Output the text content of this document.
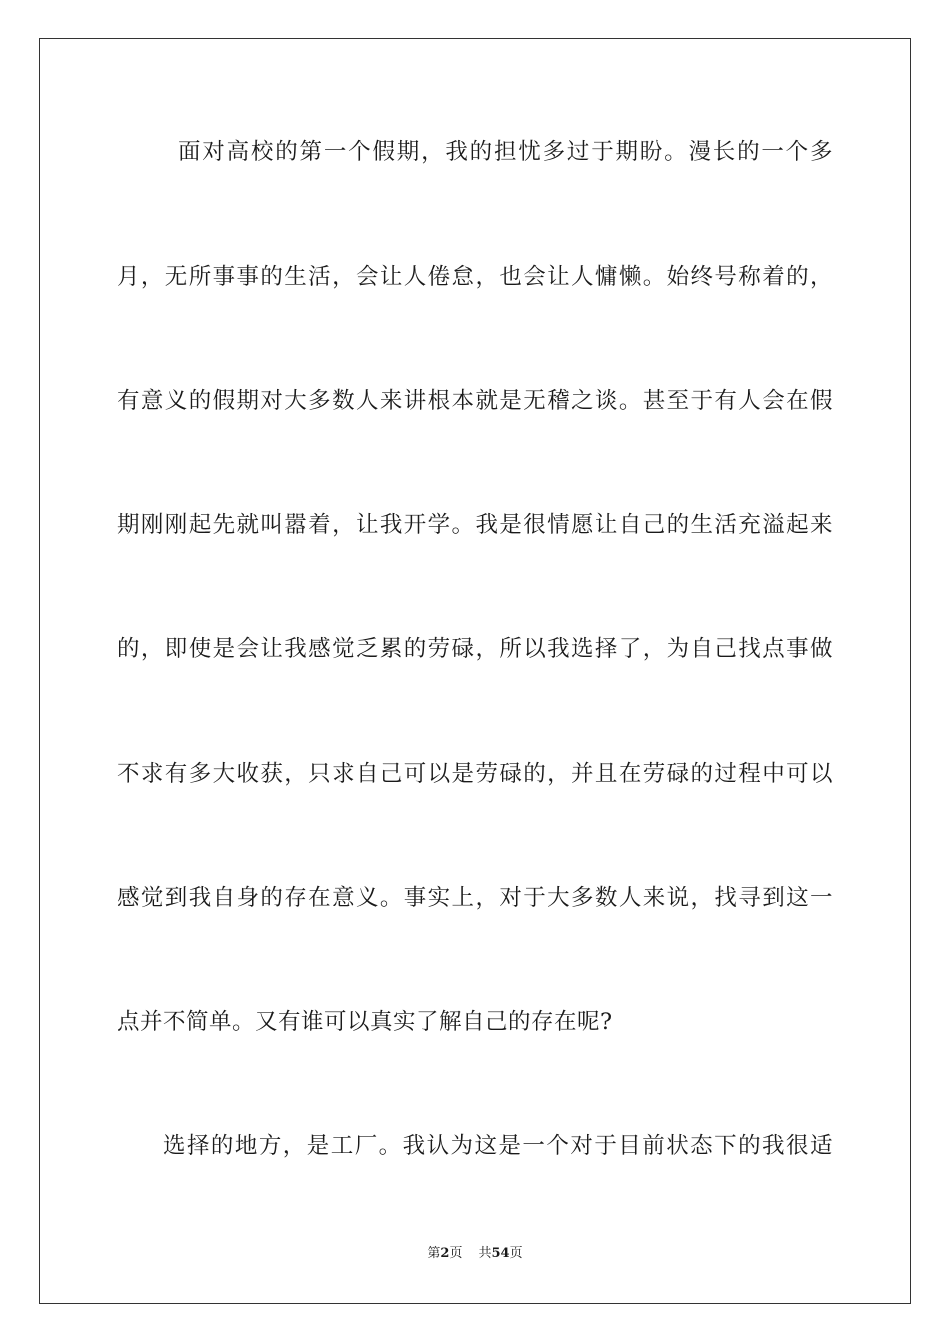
面对高校的第一个假期，我的担忧多过于期盼。漫长的一个多
月，无所事事的生活，会让人倦怠，也会让人慵懒。始终号称着的，
有意义的假期对大多数人来讲根本就是无稽之谈。甚至于有人会在假
期刚刚起先就叫嚣着，让我开学。我是很情愿让自己的生活充溢起来
的，即使是会让我感觉乏累的劳碌，所以我选择了，为自己找点事做
不求有多大收获，只求自己可以是劳碌的，并且在劳碌的过程中可以
感觉到我自身的存在意义。事实上，对于大多数人来说，找寻到这一
点并不简单。又有谁可以真实了解自己的存在呢?
选择的地方，是工厂。我认为这是一个对于目前状态下的我很适
第2页 共54页
